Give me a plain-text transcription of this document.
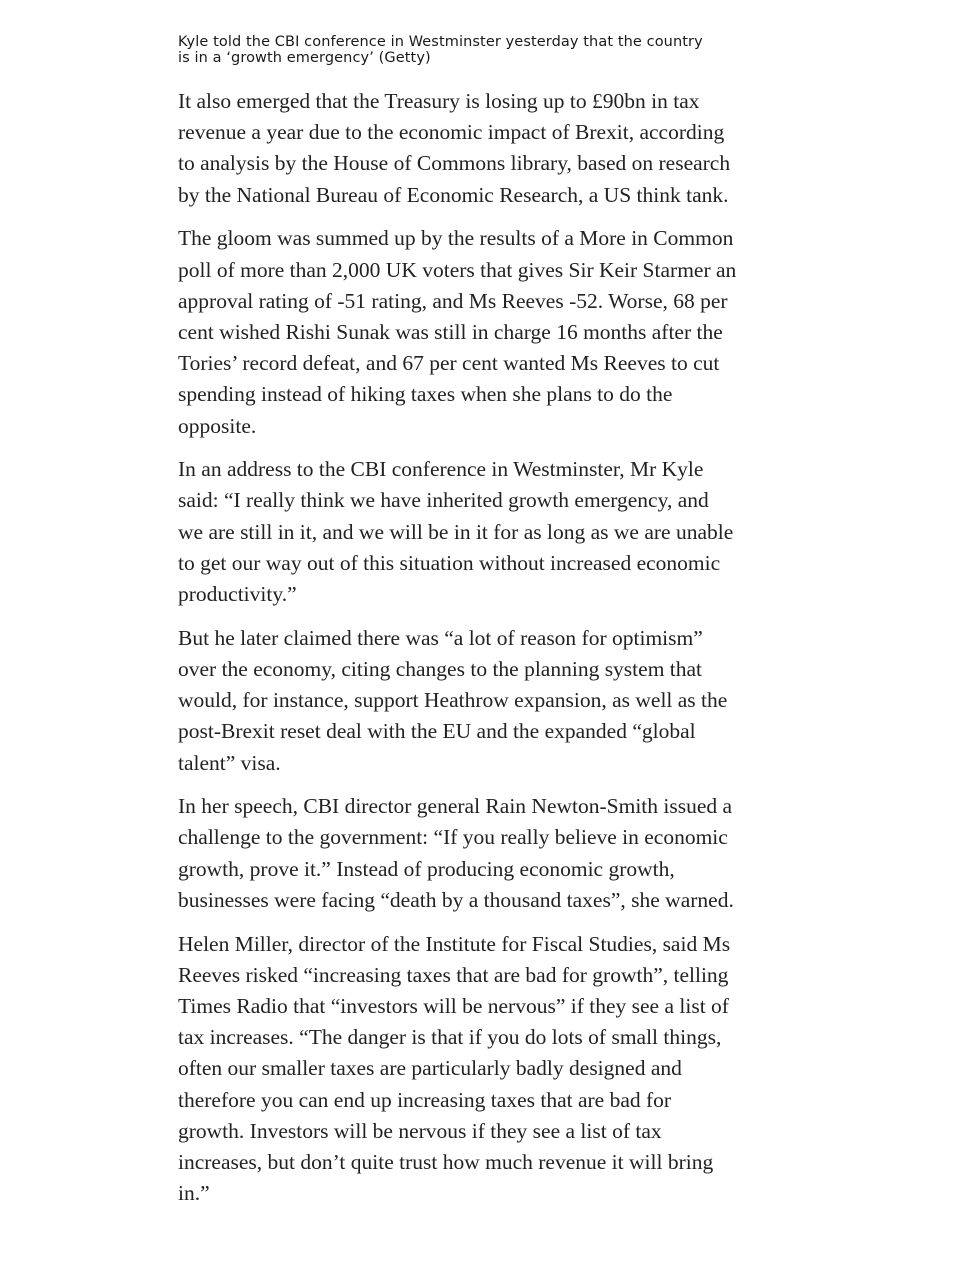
Kyle told the CBI conference in Westminster yesterday that the country
is in a ‘growth emergency’ (Getty)

It also emerged that the Treasury is losing up to £90bn in tax
revenue a year due to the economic impact of Brexit, according
to analysis by the House of Commons library, based on research
by the National Bureau of Economic Research, a US think tank.

The gloom was summed up by the results of a More in Common
poll of more than 2,000 UK voters that gives Sir Keir Starmer an
approval rating of -51 rating, and Ms Reeves -52. Worse, 68 per
cent wished Rishi Sunak was still in charge 16 months after the
Tories’ record defeat, and 67 per cent wanted Ms Reeves to cut
spending instead of hiking taxes when she plans to do the
opposite.

In an address to the CBI conference in Westminster, Mr Kyle
said: “I really think we have inherited growth emergency, and
we are still in it, and we will be in it for as long as we are unable
to get our way out of this situation without increased economic
productivity.”

But he later claimed there was “a lot of reason for optimism”
over the economy, citing changes to the planning system that
would, for instance, support Heathrow expansion, as well as the
post-Brexit reset deal with the EU and the expanded “global
talent” visa.

In her speech, CBI director general Rain Newton-Smith issued a
challenge to the government: “If you really believe in economic
growth, prove it.” Instead of producing economic growth,
businesses were facing “death by a thousand taxes”, she warned.

Helen Miller, director of the Institute for Fiscal Studies, said Ms
Reeves risked “increasing taxes that are bad for growth”, telling
Times Radio that “investors will be nervous” if they see a list of
tax increases. “The danger is that if you do lots of small things,
often our smaller taxes are particularly badly designed and
therefore you can end up increasing taxes that are bad for
growth. Investors will be nervous if they see a list of tax
increases, but don’t quite trust how much revenue it will bring
in.”
